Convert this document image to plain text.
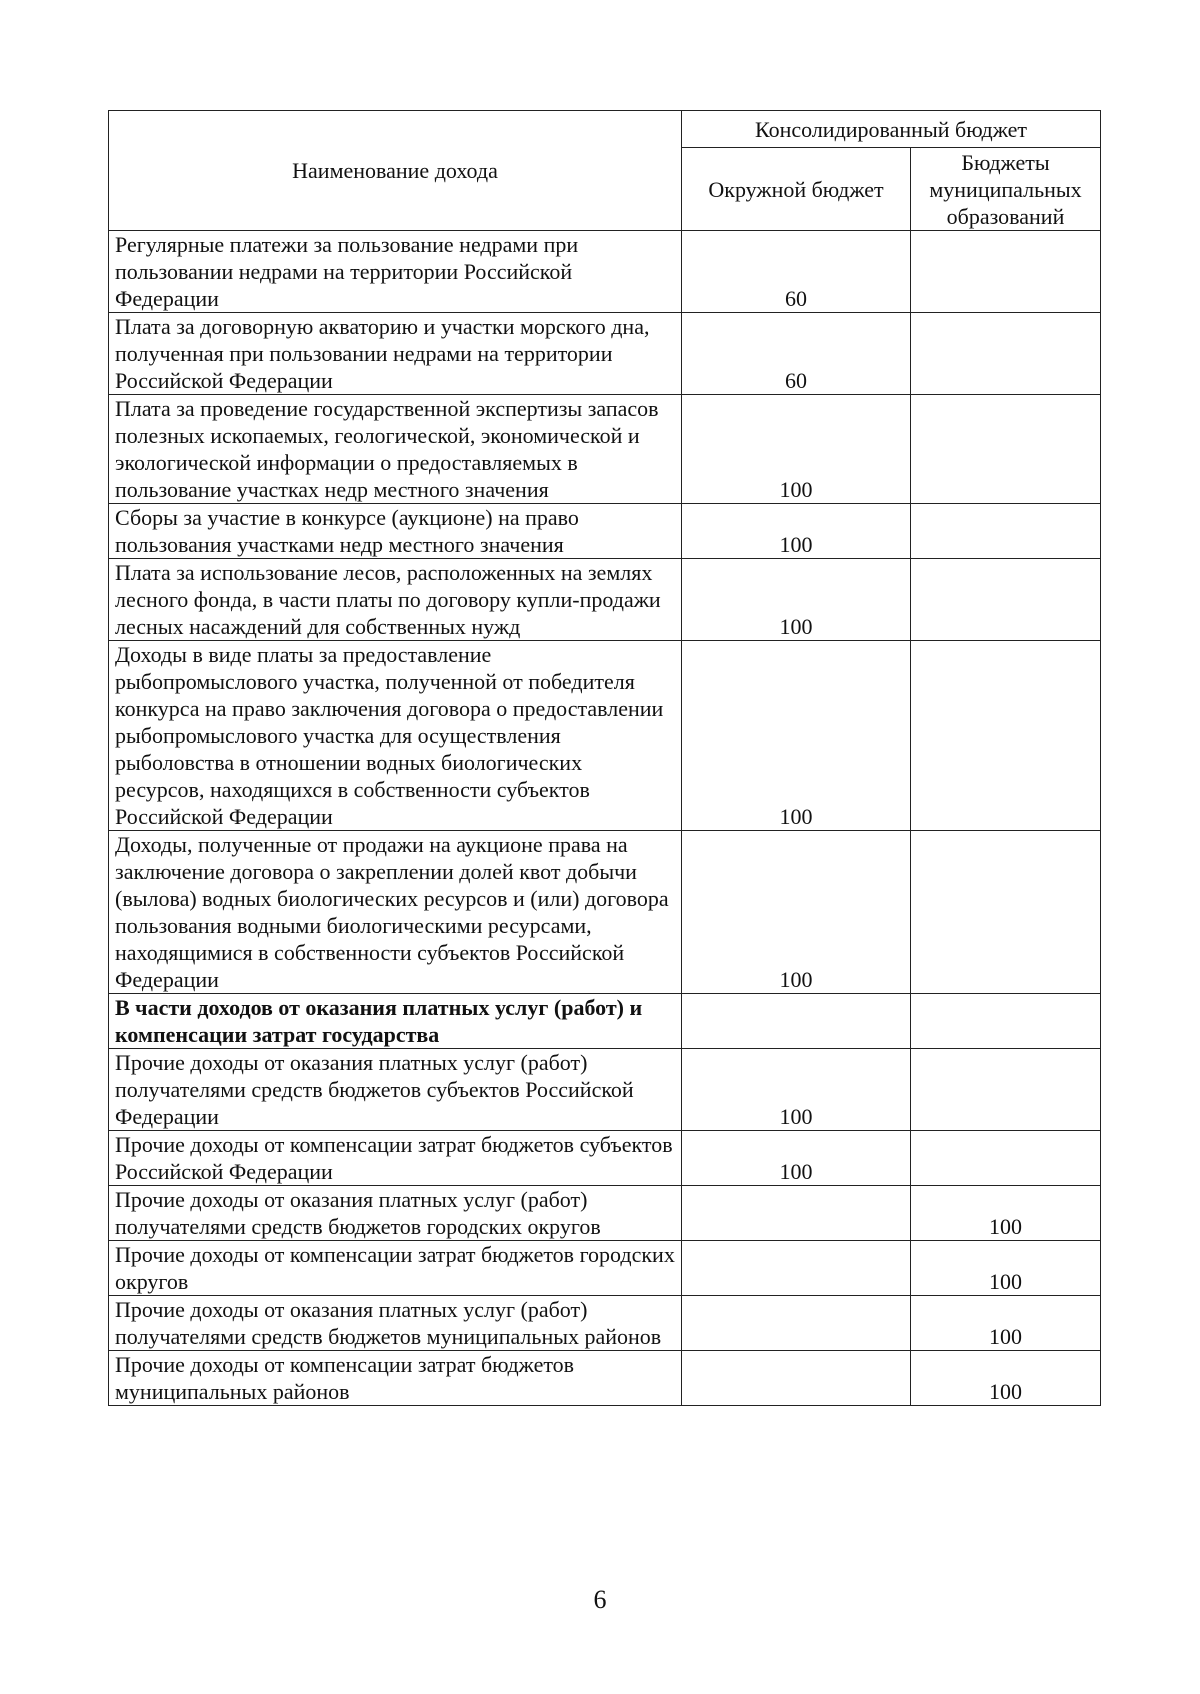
Наименование дохода	Консолидированный бюджет	
	Окружной бюджет	Бюджеты муниципальных образований
Регулярные платежи за пользование недрами при пользовании недрами на территории Российской Федерации	60	
Плата за договорную акваторию и участки морского дна, полученная при пользовании недрами на территории Российской Федерации	60	
Плата за проведение государственной экспертизы запасов полезных ископаемых, геологической, экономической и экологической информации о предоставляемых в пользование участках недр местного значения	100	
Сборы за участие в конкурсе (аукционе) на право пользования участками недр местного значения	100	
Плата за использование лесов, расположенных на землях лесного фонда, в части платы по договору купли-продажи лесных насаждений для собственных нужд	100	
Доходы в виде платы за предоставление рыбопромыслового участка, полученной от победителя конкурса на право заключения договора о предоставлении рыбопромыслового участка для осуществления рыболовства в отношении водных биологических ресурсов, находящихся в собственности субъектов Российской Федерации	100	
Доходы, полученные от продажи на аукционе права на заключение договора о закреплении долей квот добычи (вылова) водных биологических ресурсов и (или) договора пользования водными биологическими ресурсами, находящимися в собственности субъектов Российской Федерации	100	
В части доходов от оказания платных услуг (работ) и компенсации затрат государства		
Прочие доходы от оказания платных услуг (работ) получателями средств бюджетов субъектов Российской Федерации	100	
Прочие доходы от компенсации затрат бюджетов субъектов Российской Федерации	100	
Прочие доходы от оказания платных услуг (работ) получателями средств бюджетов городских округов		100
Прочие доходы от компенсации затрат бюджетов городских округов		100
Прочие доходы от оказания платных услуг (работ) получателями средств бюджетов муниципальных районов		100
Прочие доходы от компенсации затрат бюджетов муниципальных районов		100
6
